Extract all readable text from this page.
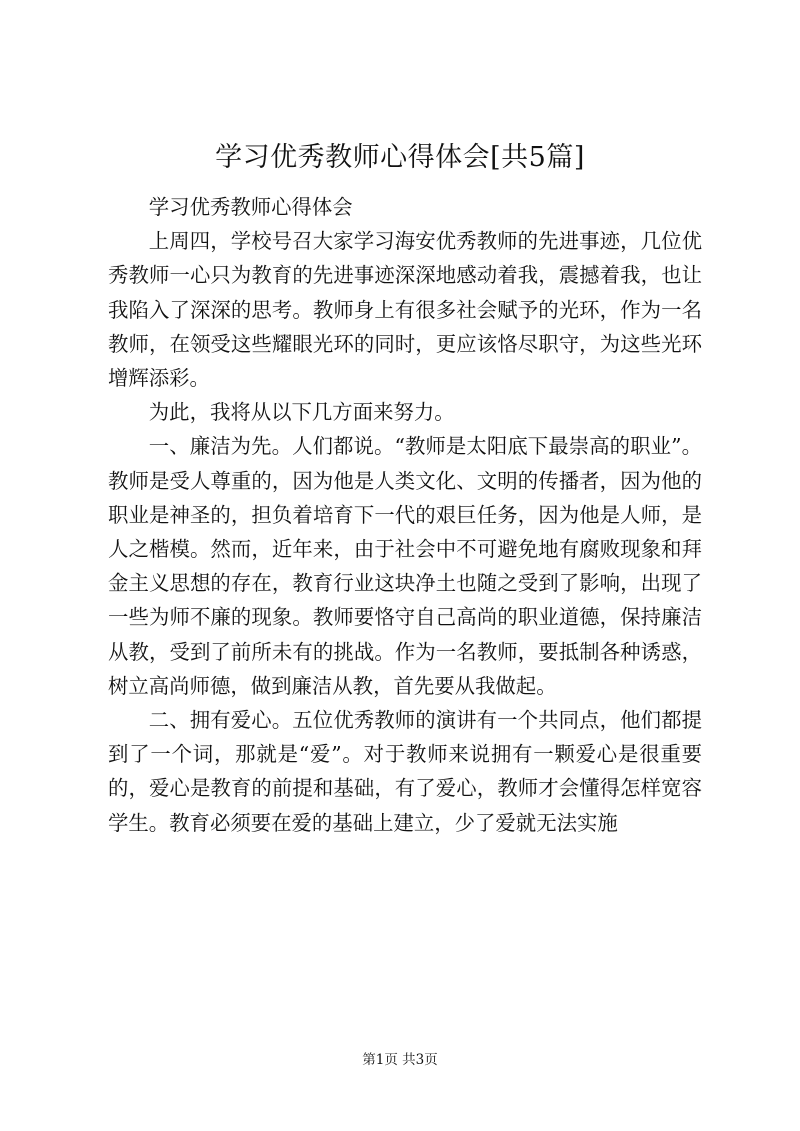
学习优秀教师心得体会[共5篇]

学习优秀教师心得体会

上周四，学校号召大家学习海安优秀教师的先进事迹，几位优秀教师一心只为教育的先进事迹深深地感动着我，震撼着我，也让我陷入了深深的思考。教师身上有很多社会赋予的光环，作为一名教师，在领受这些耀眼光环的同时，更应该恪尽职守，为这些光环增辉添彩。

为此，我将从以下几方面来努力。

一、廉洁为先。人们都说。“教师是太阳底下最崇高的职业”。教师是受人尊重的，因为他是人类文化、文明的传播者，因为他的职业是神圣的，担负着培育下一代的艰巨任务，因为他是人师，是人之楷模。然而，近年来，由于社会中不可避免地有腐败现象和拜金主义思想的存在，教育行业这块净土也随之受到了影响，出现了一些为师不廉的现象。教师要恪守自己高尚的职业道德，保持廉洁从教，受到了前所未有的挑战。作为一名教师，要抵制各种诱惑，树立高尚师德，做到廉洁从教，首先要从我做起。

二、拥有爱心。五位优秀教师的演讲有一个共同点，他们都提到了一个词，那就是“爱”。对于教师来说拥有一颗爱心是很重要的，爱心是教育的前提和基础，有了爱心，教师才会懂得怎样宽容学生。教育必须要在爱的基础上建立，少了爱就无法实施

第1页 共3页
